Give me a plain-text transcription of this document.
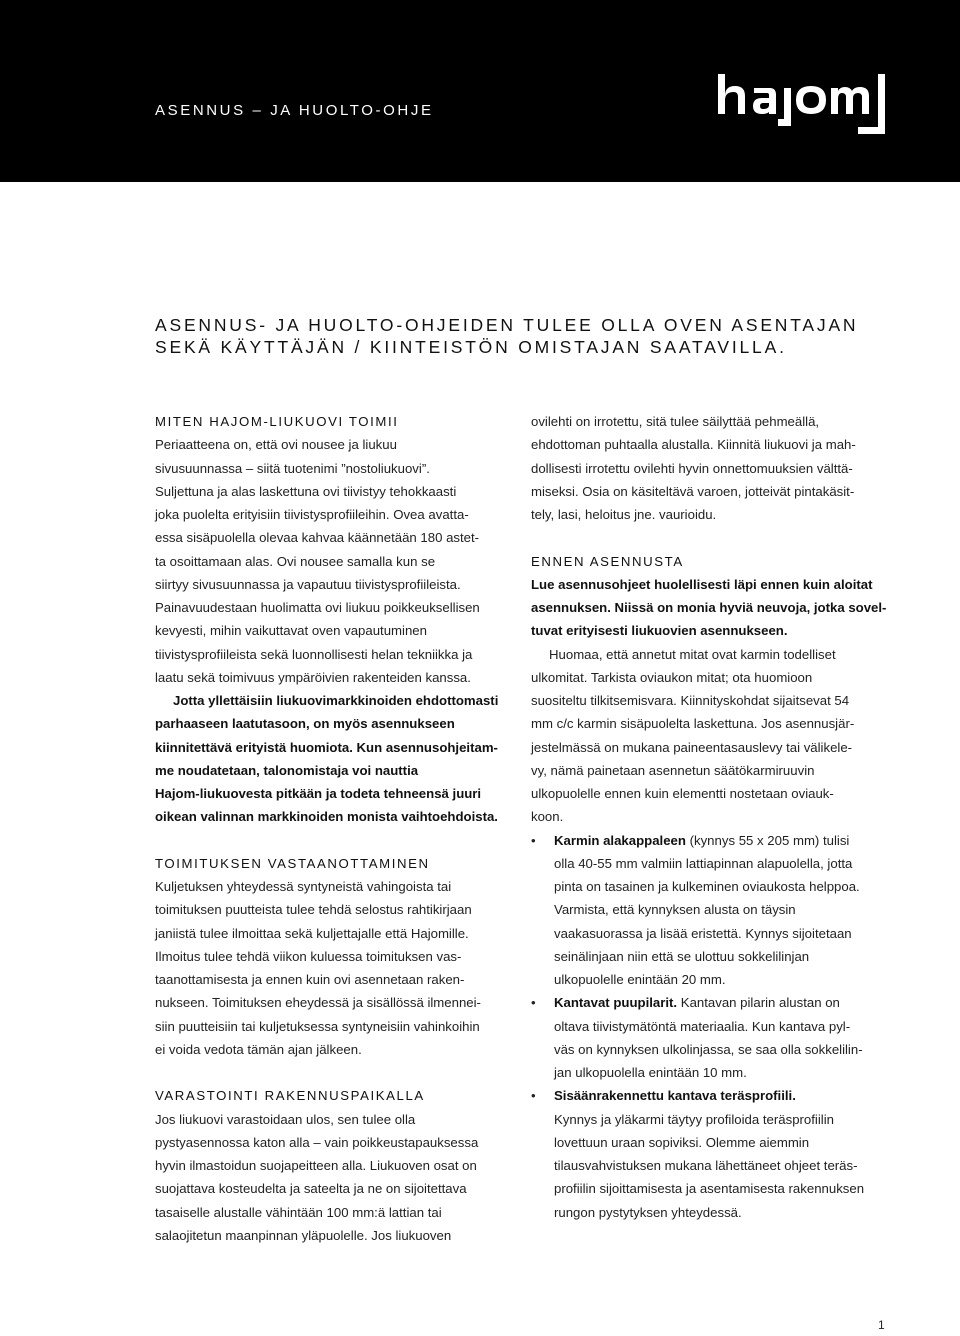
ASENNUS – JA HUOLTO-OHJE
ASENNUS- JA HUOLTO-OHJEIDEN TULEE OLLA OVEN ASENTAJAN
SEKÄ KÄYTTÄJÄN / KIINTEISTÖN OMISTAJAN SAATAVILLA.
MITEN HAJOM-LIUKUOVI TOIMII
Periaatteena on, että ovi nousee ja liukuu
sivusuunnassa – siitä tuotenimi ”nostoliukuovi”.
Suljettuna ja alas laskettuna ovi tiivistyy tehokkaasti
joka puolelta erityisiin tiivistysprofiileihin. Ovea avatta-
essa sisäpuolella olevaa kahvaa käännetään 180 astet-
ta osoittamaan alas. Ovi nousee samalla kun se
siirtyy sivusuunnassa ja vapautuu tiivistysprofiileista.
Painavuudestaan huolimatta ovi liukuu poikkeuksellisen
kevyesti, mihin vaikuttavat oven vapautuminen
tiivistysprofiileista sekä luonnollisesti helan tekniikka ja
laatu sekä toimivuus ympäröivien rakenteiden kanssa.
Jotta yllettäisiin liukuovimarkkinoiden ehdottomasti
parhaaseen laatutasoon, on myös asennukseen
kiinnitettävä erityistä huomiota. Kun asennusohjeitam-
me noudatetaan, talonomistaja voi nauttia
Hajom-liukuovesta pitkään ja todeta tehneensä juuri
oikean valinnan markkinoiden monista vaihtoehdoista.
TOIMITUKSEN VASTAANOTTAMINEN
Kuljetuksen yhteydessä syntyneistä vahingoista tai
toimituksen puutteista tulee tehdä selostus rahtikirjaan
janiistä tulee ilmoittaa sekä kuljettajalle että Hajomille.
Ilmoitus tulee tehdä viikon kuluessa toimituksen vas-
taanottamisesta ja ennen kuin ovi asennetaan raken-
nukseen. Toimituksen eheydessä ja sisällössä ilmennei-
siin puutteisiin tai kuljetuksessa syntyneisiin vahinkoihin
ei voida vedota tämän ajan jälkeen.
VARASTOINTI RAKENNUSPAIKALLA
Jos liukuovi varastoidaan ulos, sen tulee olla
pystyasennossa katon alla – vain poikkeustapauksessa
hyvin ilmastoidun suojapeitteen alla. Liukuoven osat on
suojattava kosteudelta ja sateelta ja ne on sijoitettava
tasaiselle alustalle vähintään 100 mm:ä lattian tai
salaojitetun maanpinnan yläpuolelle. Jos liukuoven
ovilehti on irrotettu, sitä tulee säilyttää pehmeällä,
ehdottoman puhtaalla alustalla. Kiinnitä liukuovi ja mah-
dollisesti irrotettu ovilehti hyvin onnettomuuksien välttä-
miseksi. Osia on käsiteltävä varoen, jotteivät pintakäsit-
tely, lasi, heloitus jne. vaurioidu.
ENNEN ASENNUSTA
Lue asennusohjeet huolellisesti läpi ennen kuin aloitat
asennuksen. Niissä on monia hyviä neuvoja, jotka sovel-
tuvat erityisesti liukuovien asennukseen.
Huomaa, että annetut mitat ovat karmin todelliset
ulkomitat. Tarkista oviaukon mitat; ota huomioon
suositeltu tilkitsemisvara. Kiinnityskohdat sijaitsevat 54
mm c/c karmin sisäpuolelta laskettuna. Jos asennusjär-
jestelmässä on mukana paineentasauslevy tai välikele-
vy, nämä painetaan asennetun säätökarmiruuvin
ulkopuolelle ennen kuin elementti nostetaan oviauk-
koon.
• Karmin alakappaleen (kynnys 55 x 205 mm) tulisi
olla 40-55 mm valmiin lattiapinnan alapuolella, jotta
pinta on tasainen ja kulkeminen oviaukosta helppoa.
Varmista, että kynnyksen alusta on täysin
vaakasuorassa ja lisää eristettä. Kynnys sijoitetaan
seinälinjaan niin että se ulottuu sokkelilinjan
ulkopuolelle enintään 20 mm.
• Kantavat puupilarit. Kantavan pilarin alustan on
oltava tiivistymätöntä materiaalia. Kun kantava pyl-
väs on kynnyksen ulkolinjassa, se saa olla sokkelilin-
jan ulkopuolella enintään 10 mm.
• Sisäänrakennettu kantava teräsprofiili.
Kynnys ja yläkarmi täytyy profiloida teräsprofiilin
lovettuun uraan sopiviksi. Olemme aiemmin
tilausvahvistuksen mukana lähettäneet ohjeet teräs-
profiilin sijoittamisesta ja asentamisesta rakennuksen
rungon pystytyksen yhteydessä.
1
